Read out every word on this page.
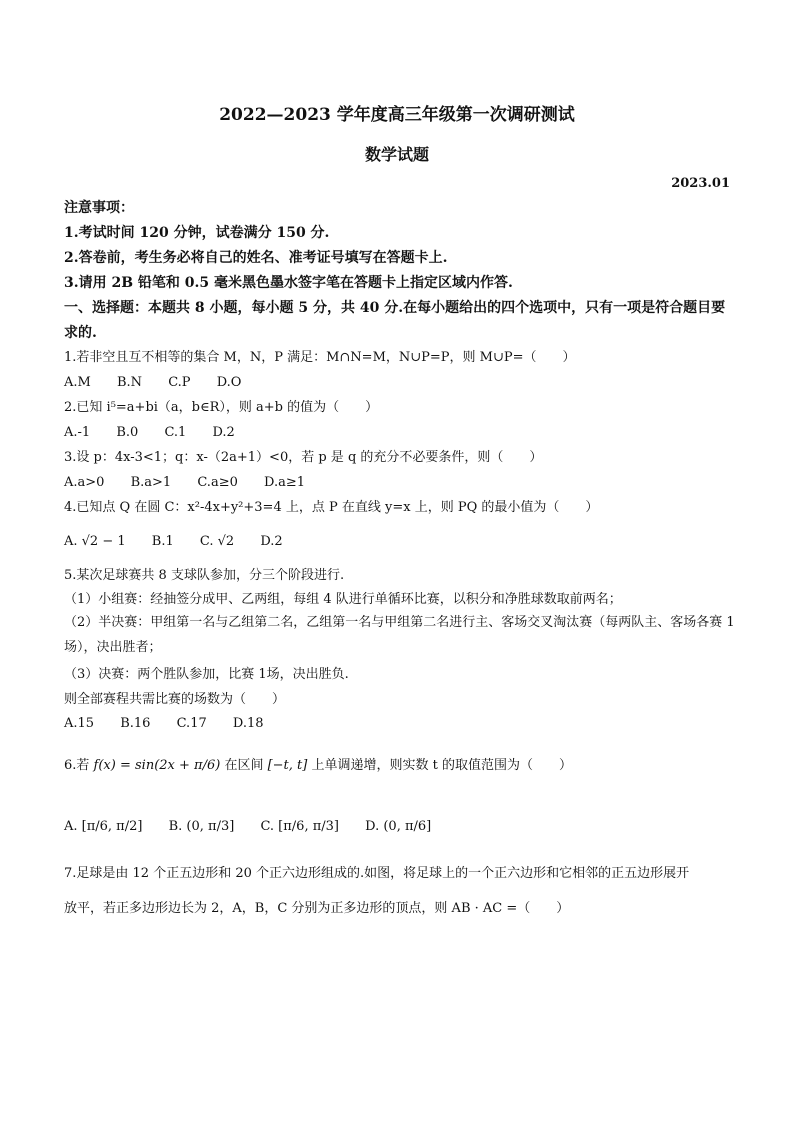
2022—2023 学年度高三年级第一次调研测试
数学试题
2023.01
注意事项：
1.考试时间 120 分钟，试卷满分 150 分.
2.答卷前，考生务必将自己的姓名、准考证号填写在答题卡上.
3.请用 2B 铅笔和 0.5 毫米黑色墨水签字笔在答题卡上指定区域内作答.
一、选择题：本题共 8 小题，每小题 5 分，共 40 分.在每小题给出的四个选项中，只有一项是符合题目要求的.
1.若非空且互不相等的集合 M，N，P 满足：M∩N=M，N∪P=P，则 M∪P=（　　）
A.M B.N C.P D.O
2.已知 i⁵=a+bi（a，b∈R），则 a+b 的值为（　　）
A.-1 B.0 C.1 D.2
3.设 p：4x-3<1；q：x-（2a+1）<0，若 p 是 q 的充分不必要条件，则（　　）
A.a>0 B.a>1 C.a≥0 D.a≥1
4.已知点 Q 在圆 C：x²-4x+y²+3=4 上，点 P 在直线 y=x 上，则 PQ 的最小值为（　　）
A. √2 − 1 B.1 C. √2 D.2
5.某次足球赛共 8 支球队参加，分三个阶段进行.
（1）小组赛：经抽签分成甲、乙两组，每组 4 队进行单循环比赛，以积分和净胜球数取前两名；
（2）半决赛：甲组第一名与乙组第二名，乙组第一名与甲组第二名进行主、客场交叉淘汰赛（每两队主、客场各赛 1场），决出胜者；
（3）决赛：两个胜队参加，比赛 1场，决出胜负.
则全部赛程共需比赛的场数为（　　）
A.15 B.16 C.17 D.18
6.若 f(x) = sin(2x + π/6) 在区间 [−t, t] 上单调递增，则实数 t 的取值范围为（　　）
A. [π/6, π/2] B. (0, π/3] C. [π/6, π/3] D. (0, π/6]
7.足球是由 12 个正五边形和 20 个正六边形组成的.如图，将足球上的一个正六边形和它相邻的正五边形展开
放平，若正多边形边长为 2，A，B，C 分别为正多边形的顶点，则 AB · AC =（　　）
